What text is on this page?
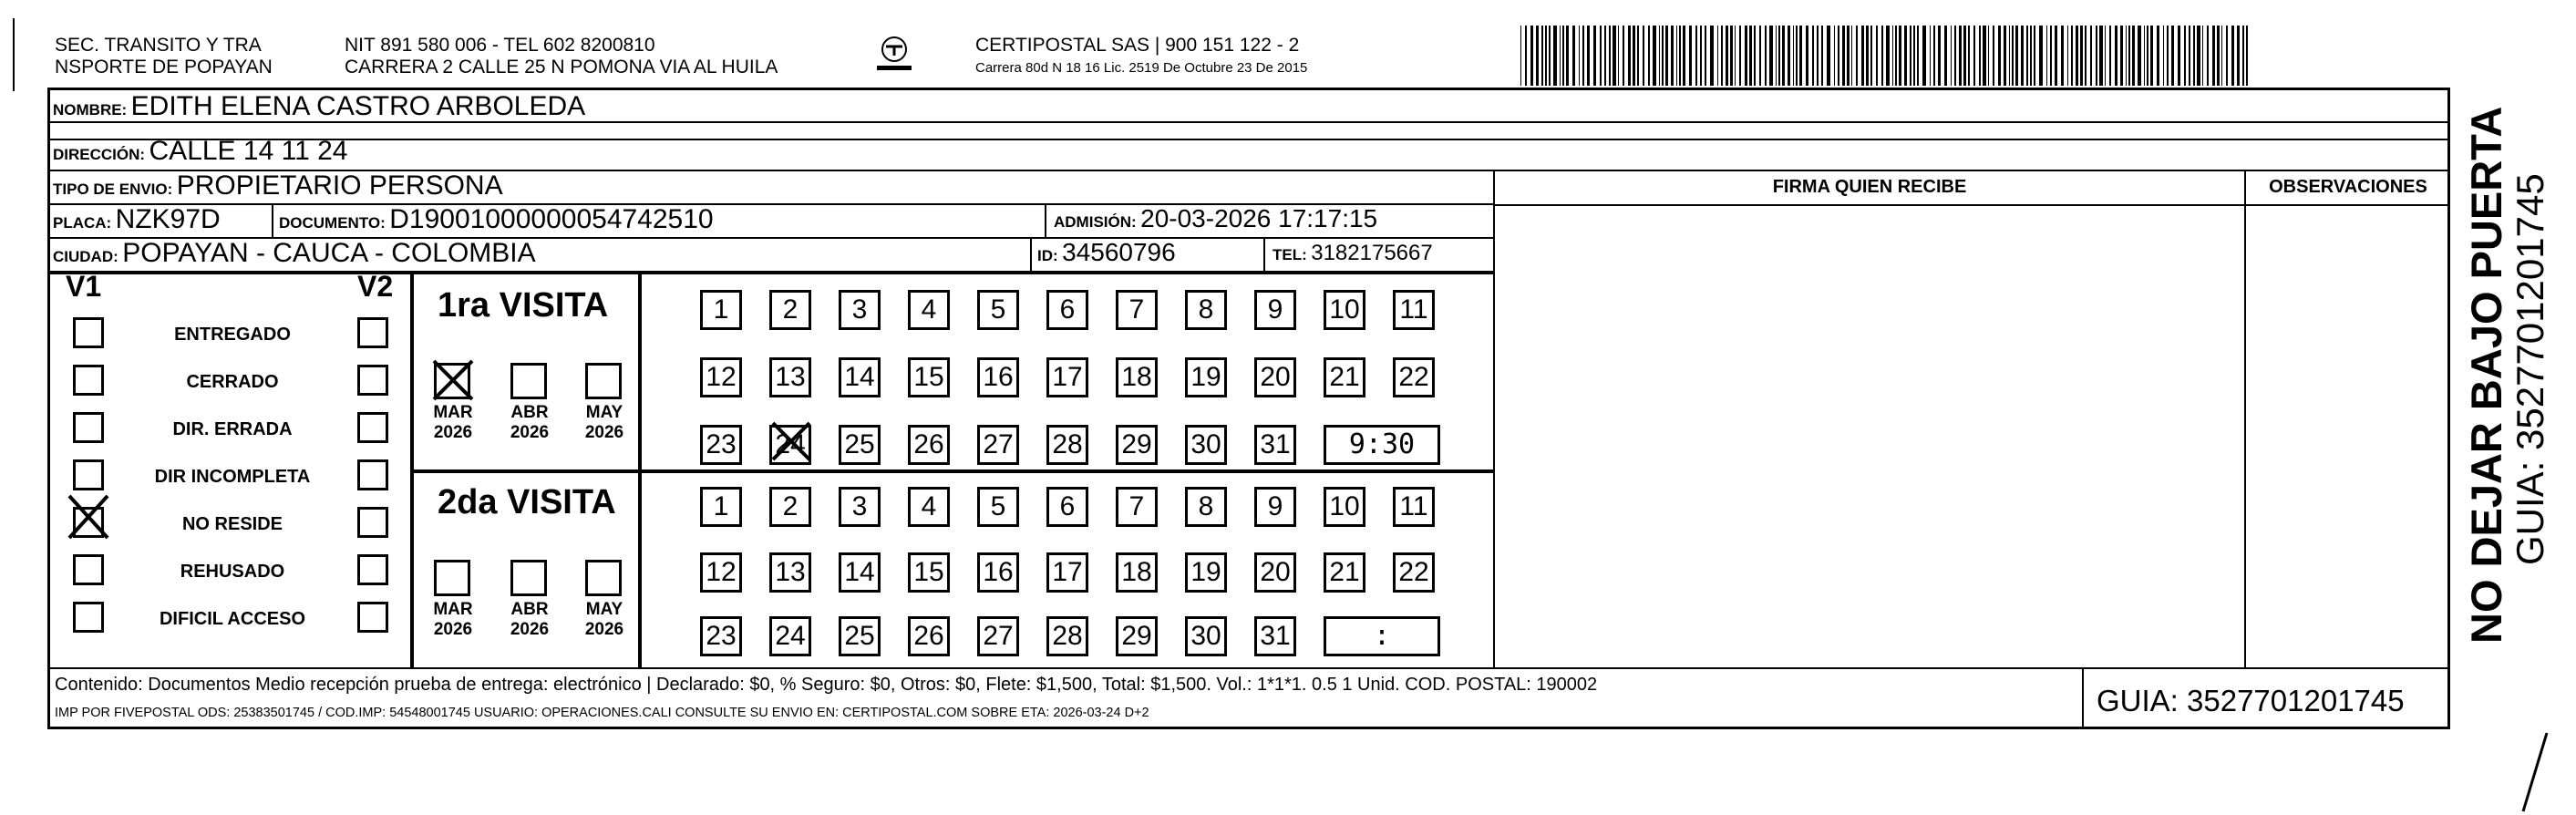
SEC. TRANSITO Y TRA
NSPORTE DE POPAYAN
NIT 891 580 006 - TEL 602 8200810
CARRERA 2 CALLE 25 N POMONA VIA AL HUILA
CERTIPOSTAL SAS | 900 151 122 - 2
Carrera 80d N 18 16 Lic. 2519 De Octubre 23 De 2015
NOMBRE: EDITH ELENA CASTRO ARBOLEDA
DIRECCIÓN: CALLE 14 11 24
TIPO DE ENVIO: PROPIETARIO PERSONA	FIRMA QUIEN RECIBE	OBSERVACIONES
PLACA: NZK97D	DOCUMENTO: D19001000000054742510	ADMISIÓN: 20-03-2026 17:17:15
CIUDAD: POPAYAN - CAUCA - COLOMBIA	ID: 34560796	TEL: 3182175667
V1	V2 1ra VISITA
2da VISITA
Contenido: Documentos Medio recepción prueba de entrega: electrónico | Declarado: $0, % Seguro: $0, Otros: $0, Flete: $1,500, Total: $1,500. Vol.: 1*1*1. 0.5 1 Unid. COD. POSTAL: 190002
IMP POR FIVEPOSTAL ODS: 25383501745 / COD.IMP: 54548001745 USUARIO: OPERACIONES.CALI CONSULTE SU ENVIO EN: CERTIPOSTAL.COM SOBRE ETA: 2026-03-24 D+2	GUIA: 3527701201745
NO DEJAR BAJO PUERTA
GUIA: 3527701201745
ENTREGADO
CERRADO
DIR. ERRADA
DIR INCOMPLETA
NO RESIDE
REHUSADO
DIFICIL ACCESO
MAR
2026
ABR
2026
MAY
2026
MAR
2026
ABR
2026
MAY
2026
1	2	3	4	5	6	7	8	9	10 11
12 13 14 15 16 17 18 19 20 21 22
23 24 25 26 27 28 29 30 31	9:30
1	2	3	4	5	6	7	8	9	10 11
12 13 14 15 16 17 18 19 20 21 22
23 24 25 26 27 28 29 30 31	:
